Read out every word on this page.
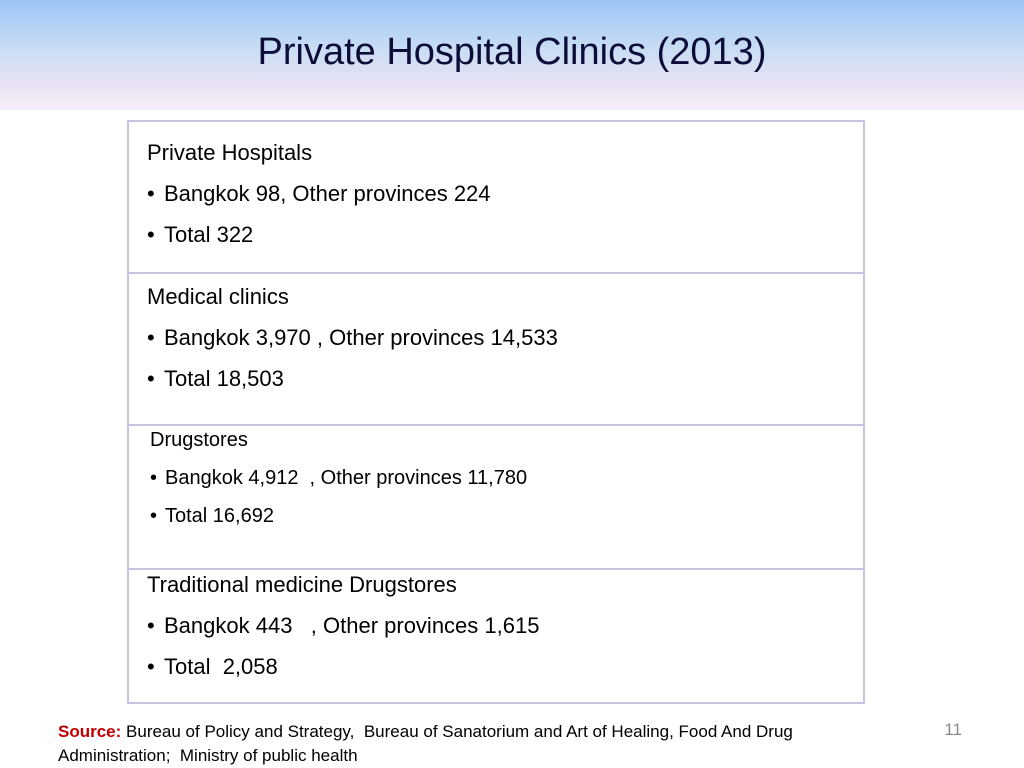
Private Hospital Clinics (2013)
Private Hospitals
• Bangkok 98, Other provinces 224
• Total 322
Medical clinics
• Bangkok 3,970 , Other provinces 14,533
• Total 18,503
Drugstores
• Bangkok 4,912  , Other provinces 11,780
• Total 16,692
Traditional medicine Drugstores
• Bangkok 443   , Other provinces 1,615
• Total  2,058
Source: Bureau of Policy and Strategy,  Bureau of Sanatorium and Art of Healing, Food And Drug Administration;  Ministry of public health
11
